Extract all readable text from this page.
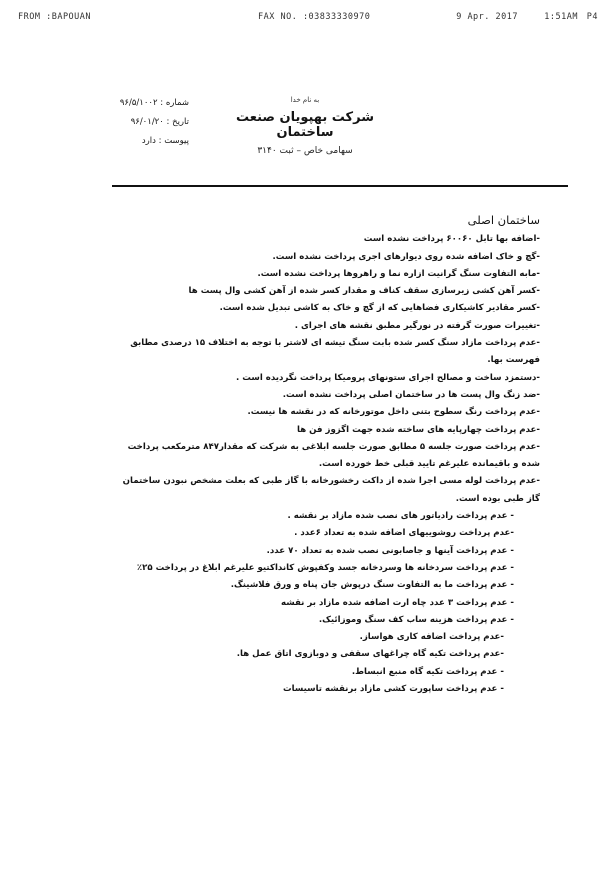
FROM :BAPOUAN	FAX NO. :03833330970	9 Apr. 2017	1:51AM P4
به نام خدا
شرکت بهپویان صنعت ساختمان
سهامی خاص – ثبت ۳۱۴۰
شماره : ۹۶/۵/۱۰۰۲
تاریخ : ۹۶/۰۱/۲۰
پیوست : دارد
ساختمان اصلی

-اضافه بها تابل ۶۰۰۶۰ پرداخت نشده است

-گچ و خاک اضافه شده روی دیوارهای اجری پرداخت نشده است.

-مابه التفاوت سنگ گرانیت ازاره نما و راهروها پرداخت نشده است.

-کسر آهن کشی زیرسازی سقف کناف و مقدار کسر شده از آهن کشی وال پست ها

-کسر مقادیر کاشیکاری فضاهایی که از گچ و خاک به کاشی تبدیل شده است.

-تغییرات صورت گرفته در نورگیر مطبق نقشه های اجرای .

-عدم پرداخت مازاد سنگ کسر شده بابت سنگ تیشه ای لاشتر با توجه به اختلاف ۱۵ درصدی مطابق

فهرست بها.

-دستمزد ساخت و مصالح اجرای ستونهای پرومیکا پرداخت نگردیده است .

-ضد زنگ وال پست ها در ساختمان اصلی پرداخت نشده است.

-عدم پرداخت رنگ سطوح بتنی داخل موتورخانه که در نقشه ها نیست.

-عدم پرداخت چهارپایه های ساخته شده جهت اگزوز فن ها

-عدم پرداخت صورت جلسه ۵ مطابق صورت جلسه ابلاغی به شرکت که مقدار۸۴۷ مترمکعب پرداخت

شده و باقیمانده علیرغم تایید قبلی خط خورده است.

-عدم پرداخت لوله مسی اجرا شده از داکت رخشورخانه با گاز طبی که بعلت مشخص نبودن ساختمان

گاز طبی بوده است.

- عدم پرداخت رادیاتور های نصب شده مازاد بر نقشه .

-عدم پرداخت روشوییهای اضافه شده به تعداد ۶عدد .

- عدم پرداخت آینها و جاصابونی نصب شده به تعداد ۷۰ عدد.

- عدم پرداخت سردخانه ها وسردخانه جسد وکفپوش کانداکتیو علیرغم ابلاغ در پرداخت ۲۵٪

- عدم پرداخت ما به التفاوت سنگ درپوش جان پناه و ورق فلاشینگ.

- عدم پرداخت ۳ عدد چاه ارت اضافه شده مازاد بر نقشه

- عدم پرداخت هزینه ساب کف سنگ وموزائیک.

-عدم پرداخت اضافه کاری هواساز.

-عدم پرداخت تکیه گاه چراغهای سقفی و دوبازوی اتاق عمل ها.

- عدم پرداخت تکیه گاه منبع انبساط.

- عدم پرداخت ساپورت کشی مازاد برنقشه تاسیسات
